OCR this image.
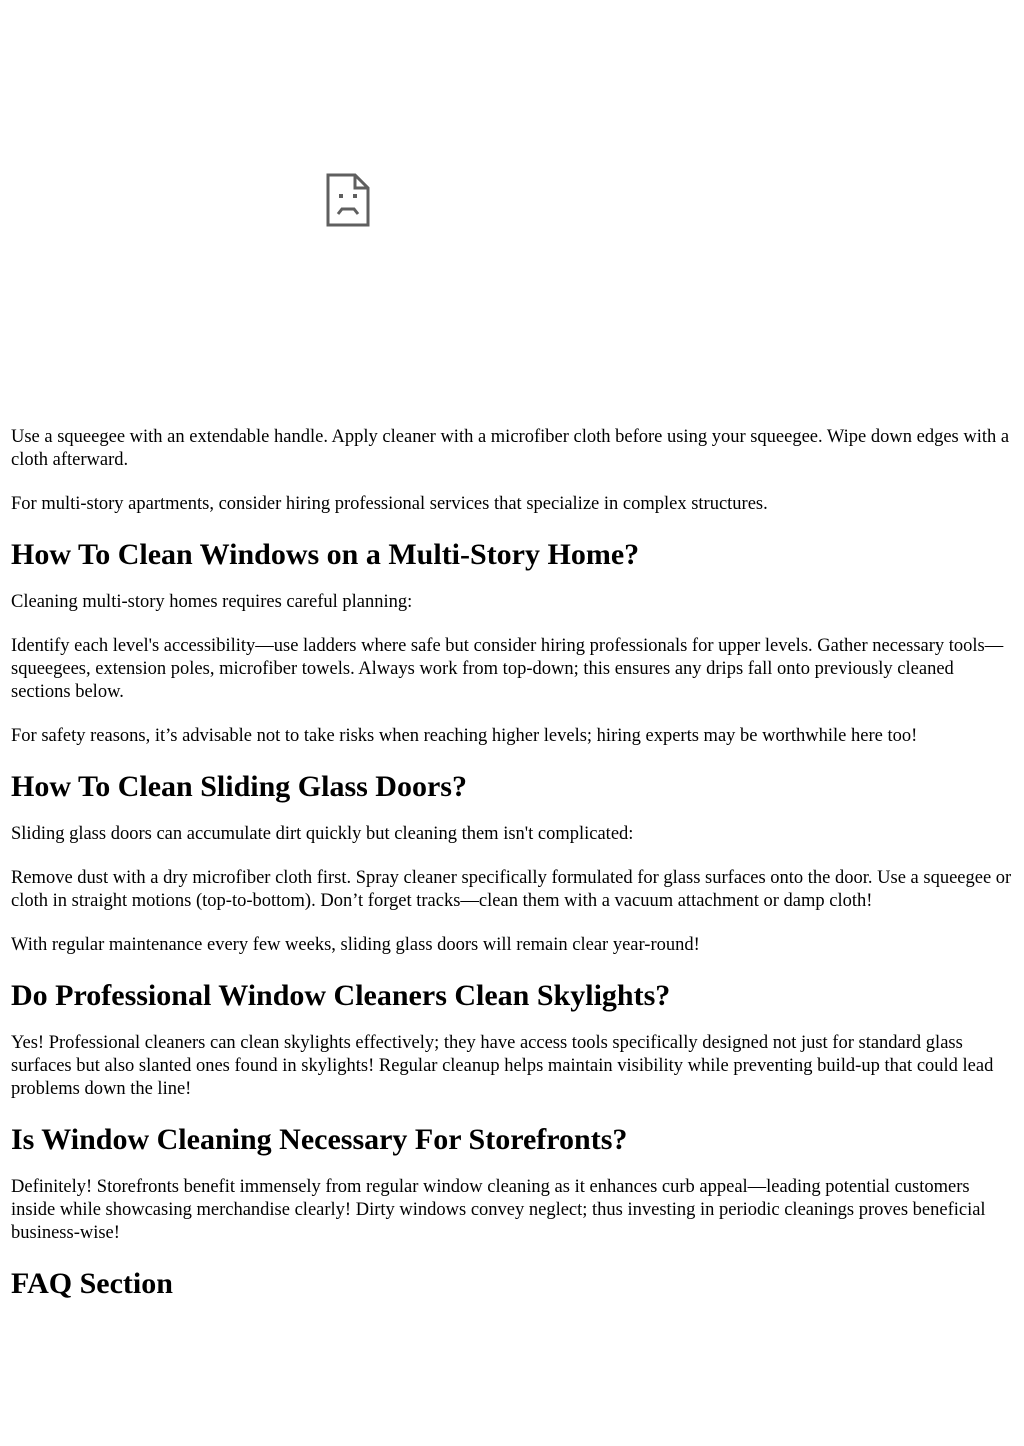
Use a squeegee with an extendable handle. Apply cleaner with a microfiber cloth before using your squeegee. Wipe down edges with a cloth afterward.

For multi-story apartments, consider hiring professional services that specialize in complex structures.

How To Clean Windows on a Multi-Story Home?

Cleaning multi-story homes requires careful planning:

Identify each level's accessibility—use ladders where safe but consider hiring professionals for upper levels. Gather necessary tools—squeegees, extension poles, microfiber towels. Always work from top-down; this ensures any drips fall onto previously cleaned sections below.

For safety reasons, it’s advisable not to take risks when reaching higher levels; hiring experts may be worthwhile here too!

How To Clean Sliding Glass Doors?

Sliding glass doors can accumulate dirt quickly but cleaning them isn't complicated:

Remove dust with a dry microfiber cloth first. Spray cleaner specifically formulated for glass surfaces onto the door. Use a squeegee or cloth in straight motions (top-to-bottom). Don’t forget tracks—clean them with a vacuum attachment or damp cloth!

With regular maintenance every few weeks, sliding glass doors will remain clear year-round!

Do Professional Window Cleaners Clean Skylights?

Yes! Professional cleaners can clean skylights effectively; they have access tools specifically designed not just for standard glass surfaces but also slanted ones found in skylights! Regular cleanup helps maintain visibility while preventing build-up that could lead problems down the line!

Is Window Cleaning Necessary For Storefronts?

Definitely! Storefronts benefit immensely from regular window cleaning as it enhances curb appeal—leading potential customers inside while showcasing merchandise clearly! Dirty windows convey neglect; thus investing in periodic cleanings proves beneficial business-wise!

FAQ Section
